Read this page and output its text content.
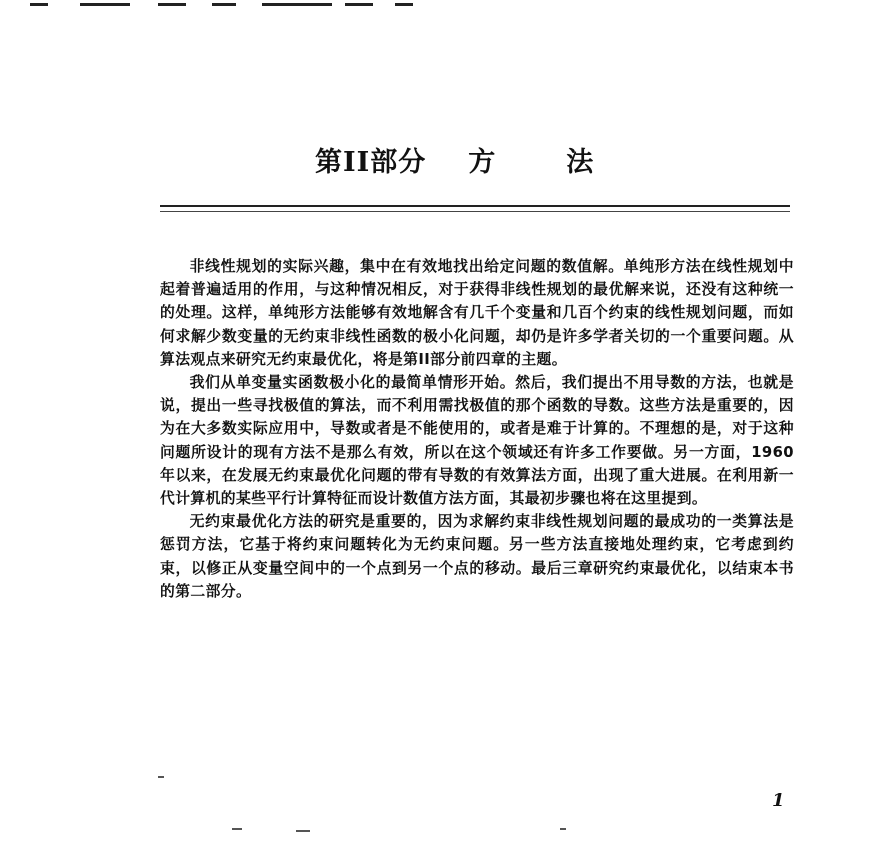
第II部分 方	法

非线性规划的实际兴趣，集中在有效地找出给定问题的数值解。单纯形方法在线性规划中起着普遍适用的作用，与这种情况相反，对于获得非线性规划的最优解来说，还没有这种统一的处理。这样，单纯形方法能够有效地解含有几千个变量和几百个约束的线性规划问题，而如何求解少数变量的无约束非线性函数的极小化问题，却仍是许多学者关切的一个重要问题。从算法观点来研究无约束最优化，将是第II部分前四章的主题。

我们从单变量实函数极小化的最简单情形开始。然后，我们提出不用导数的方法，也就是说，提出一些寻找极值的算法，而不利用需找极值的那个函数的导数。这些方法是重要的，因为在大多数实际应用中，导数或者是不能使用的，或者是难于计算的。不理想的是，对于这种问题所设计的现有方法不是那么有效，所以在这个领域还有许多工作要做。另一方面，1960年以来，在发展无约束最优化问题的带有导数的有效算法方面，出现了重大进展。在利用新一代计算机的某些平行计算特征而设计数值方法方面，其最初步骤也将在这里提到。

无约束最优化方法的研究是重要的，因为求解约束非线性规划问题的最成功的一类算法是惩罚方法，它基于将约束问题转化为无约束问题。另一些方法直接地处理约束，它考虑到约束，以修正从变量空间中的一个点到另一个点的移动。最后三章研究约束最优化，以结束本书的第二部分。

1
